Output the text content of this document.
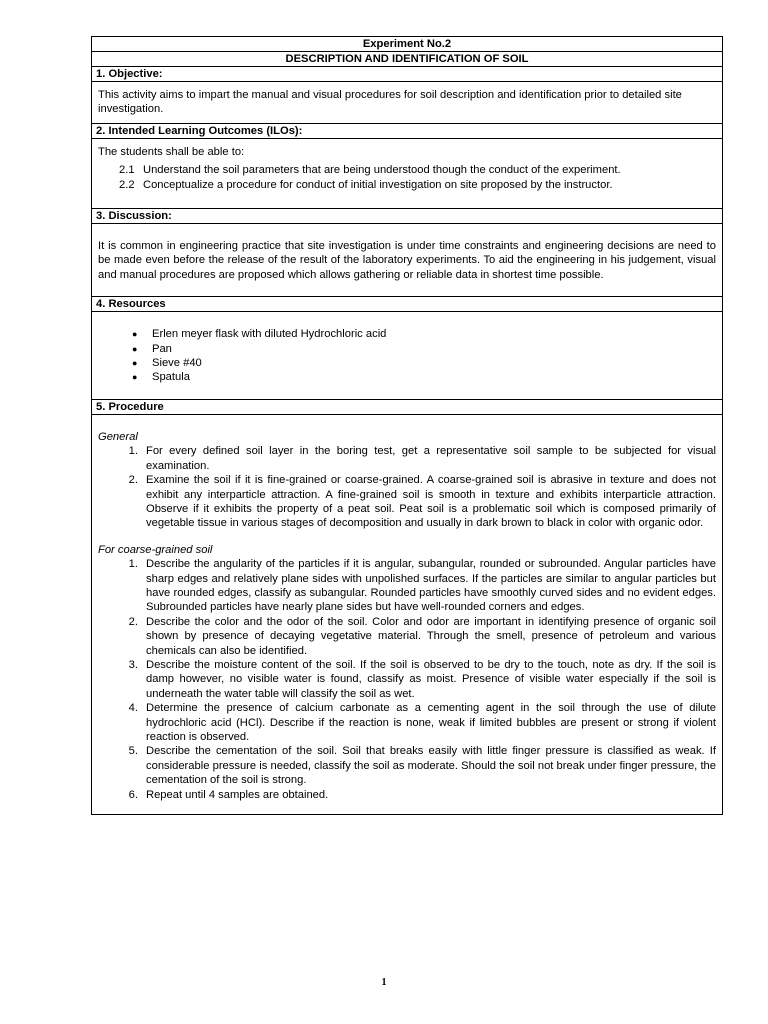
Experiment No.2
DESCRIPTION AND IDENTIFICATION OF SOIL
1. Objective:

This activity aims to impart the manual and visual procedures for soil description and identification prior to detailed site investigation.

2. Intended Learning Outcomes (ILOs):

The students shall be able to:

2.1 Understand the soil parameters that are being understood though the conduct of the experiment.
2.2 Conceptualize a procedure for conduct of initial investigation on site proposed by the instructor.

3. Discussion:

It is common in engineering practice that site investigation is under time constraints and engineering decisions are need to be made even before the release of the result of the laboratory experiments. To aid the engineering in his judgement, visual and manual procedures are proposed which allows gathering or reliable data in shortest time possible.

4. Resources

●	Erlen meyer flask with diluted Hydrochloric acid
●	Pan
●	Sieve #40
●	Spatula

5. Procedure

General

1. For every defined soil layer in the boring test, get a representative soil sample to be subjected for visual examination.
2. Examine the soil if it is fine-grained or coarse-grained. A coarse-grained soil is abrasive in texture and does not exhibit any interparticle attraction. A fine-grained soil is smooth in texture and exhibits interparticle attraction. Observe if it exhibits the property of a peat soil. Peat soil is a problematic soil which is composed primarily of vegetable tissue in various stages of decomposition and usually in dark brown to black in color with organic odor.

For coarse-grained soil

1. Describe the angularity of the particles if it is angular, subangular, rounded or subrounded. Angular particles have sharp edges and relatively plane sides with unpolished surfaces. If the particles are similar to angular particles but have rounded edges, classify as subangular. Rounded particles have smoothly curved sides and no evident edges. Subrounded particles have nearly plane sides but have well-rounded corners and edges.
2. Describe the color and the odor of the soil. Color and odor are important in identifying presence of organic soil shown by presence of decaying vegetative material. Through the smell, presence of petroleum and various chemicals can also be identified.
3. Describe the moisture content of the soil. If the soil is observed to be dry to the touch, note as dry. If the soil is damp however, no visible water is found, classify as moist. Presence of visible water especially if the soil is underneath the water table will classify the soil as wet.
4. Determine the presence of calcium carbonate as a cementing agent in the soil through the use of dilute hydrochloric acid (HCl). Describe if the reaction is none, weak if limited bubbles are present or strong if violent reaction is observed.
5. Describe the cementation of the soil. Soil that breaks easily with little finger pressure is classified as weak. If considerable pressure is needed, classify the soil as moderate. Should the soil not break under finger pressure, the cementation of the soil is strong.
6. Repeat until 4 samples are obtained.
1
